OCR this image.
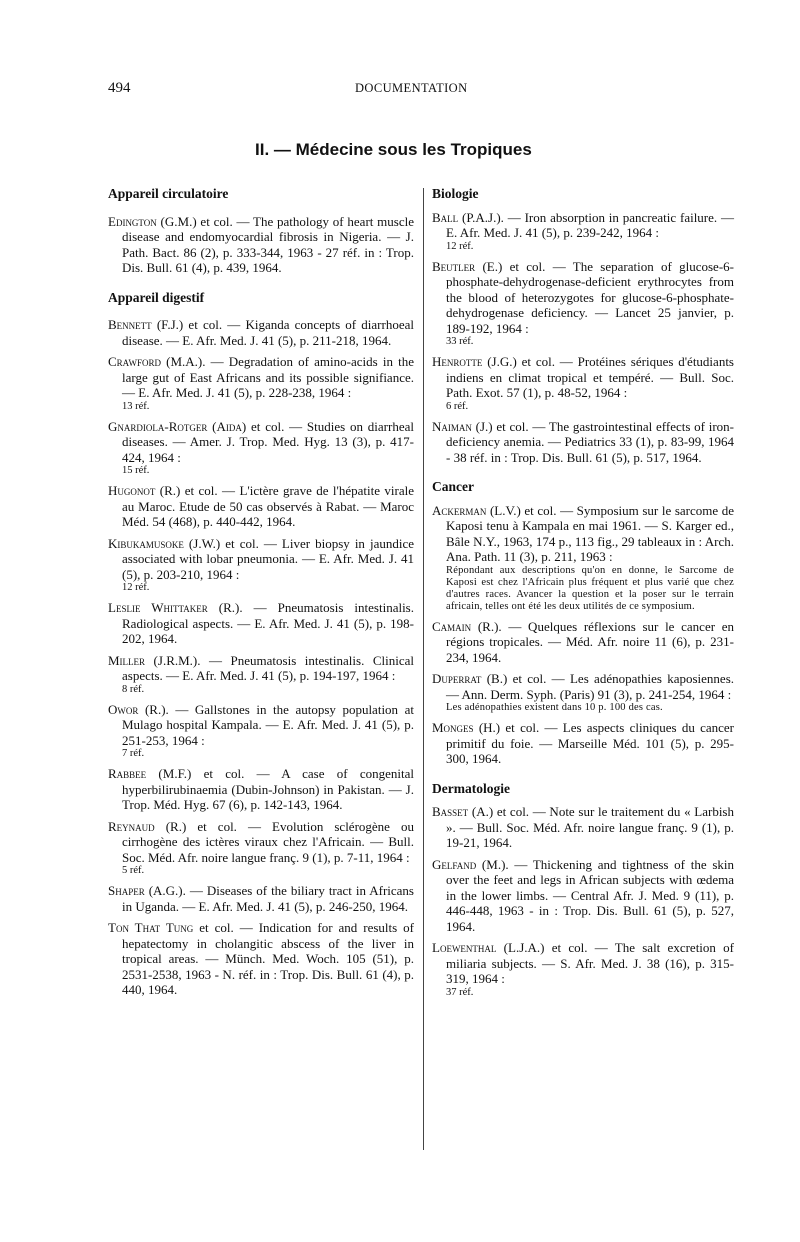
494	DOCUMENTATION
II. — Médecine sous les Tropiques
Appareil circulatoire
Edington (G.M.) et col. — The pathology of heart muscle disease and endomyocardial fibrosis in Nigeria. — J. Path. Bact. 86 (2), p. 333-344, 1963 - 27 réf. in : Trop. Dis. Bull. 61 (4), p. 439, 1964.
Appareil digestif
Bennett (F.J.) et col. — Kiganda concepts of diarrhoeal disease. — E. Afr. Med. J. 41 (5), p. 211-218, 1964.
Crawford (M.A.). — Degradation of amino-acids in the large gut of East Africans and its possible signifiance. — E. Afr. Med. J. 41 (5), p. 228-238, 1964 :
13 réf.
Gnardiola-Rotger (Aida) et col. — Studies on diarrheal diseases. — Amer. J. Trop. Med. Hyg. 13 (3), p. 417-424, 1964 :
15 réf.
Hugonot (R.) et col. — L'ictère grave de l'hépatite virale au Maroc. Etude de 50 cas observés à Rabat. — Maroc Méd. 54 (468), p. 440-442, 1964.
Kibukamusoke (J.W.) et col. — Liver biopsy in jaundice associated with lobar pneumonia. — E. Afr. Med. J. 41 (5), p. 203-210, 1964 :
12 réf.
Leslie Whittaker (R.). — Pneumatosis intestinalis. Radiological aspects. — E. Afr. Med. J. 41 (5), p. 198-202, 1964.
Miller (J.R.M.). — Pneumatosis intestinalis. Clinical aspects. — E. Afr. Med. J. 41 (5), p. 194-197, 1964 :
8 réf.
Owor (R.). — Gallstones in the autopsy population at Mulago hospital Kampala. — E. Afr. Med. J. 41 (5), p. 251-253, 1964 :
7 réf.
Rabbee (M.F.) et col. — A case of congenital hyperbilirubinaemia (Dubin-Johnson) in Pakistan. — J. Trop. Méd. Hyg. 67 (6), p. 142-143, 1964.
Reynaud (R.) et col. — Evolution sclérogène ou cirrhogène des ictères viraux chez l'Africain. — Bull. Soc. Méd. Afr. noire langue franç. 9 (1), p. 7-11, 1964 :
5 réf.
Shaper (A.G.). — Diseases of the biliary tract in Africans in Uganda. — E. Afr. Med. J. 41 (5), p. 246-250, 1964.
Ton That Tung et col. — Indication for and results of hepatectomy in cholangitic abscess of the liver in tropical areas. — Münch. Med. Woch. 105 (51), p. 2531-2538, 1963 - N. réf. in : Trop. Dis. Bull. 61 (4), p. 440, 1964.
Biologie
Ball (P.A.J.). — Iron absorption in pancreatic failure. — E. Afr. Med. J. 41 (5), p. 239-242, 1964 :
12 réf.
Beutler (E.) et col. — The separation of glucose-6-phosphate-dehydrogenase-deficient erythrocytes from the blood of heterozygotes for glucose-6-phosphate-dehydrogenase deficiency. — Lancet 25 janvier, p. 189-192, 1964 :
33 réf.
Henrotte (J.G.) et col. — Protéines sériques d'étudiants indiens en climat tropical et tempéré. — Bull. Soc. Path. Exot. 57 (1), p. 48-52, 1964 :
6 réf.
Naiman (J.) et col. — The gastrointestinal effects of iron-deficiency anemia. — Pediatrics 33 (1), p. 83-99, 1964 - 38 réf. in : Trop. Dis. Bull. 61 (5), p. 517, 1964.
Cancer
Ackerman (L.V.) et col. — Symposium sur le sarcome de Kaposi tenu à Kampala en mai 1961. — S. Karger ed., Bâle N.Y., 1963, 174 p., 113 fig., 29 tableaux in : Arch. Ana. Path. 11 (3), p. 211, 1963 :
Répondant aux descriptions qu'on en donne, le Sarcome de Kaposi est chez l'Africain plus fréquent et plus varié que chez d'autres races. Avancer la question et la poser sur le terrain africain, telles ont été les deux utilités de ce symposium.
Camain (R.). — Quelques réflexions sur le cancer en régions tropicales. — Méd. Afr. noire 11 (6), p. 231-234, 1964.
Duperrat (B.) et col. — Les adénopathies kaposiennes. — Ann. Derm. Syph. (Paris) 91 (3), p. 241-254, 1964 :
Les adénopathies existent dans 10 p. 100 des cas.
Monges (H.) et col. — Les aspects cliniques du cancer primitif du foie. — Marseille Méd. 101 (5), p. 295-300, 1964.
Dermatologie
Basset (A.) et col. — Note sur le traitement du « Larbish ». — Bull. Soc. Méd. Afr. noire langue franç. 9 (1), p. 19-21, 1964.
Gelfand (M.). — Thickening and tightness of the skin over the feet and legs in African subjects with œdema in the lower limbs. — Central Afr. J. Med. 9 (11), p. 446-448, 1963 - in : Trop. Dis. Bull. 61 (5), p. 527, 1964.
Loewenthal (L.J.A.) et col. — The salt excretion of miliaria subjects. — S. Afr. Med. J. 38 (16), p. 315-319, 1964 :
37 réf.
